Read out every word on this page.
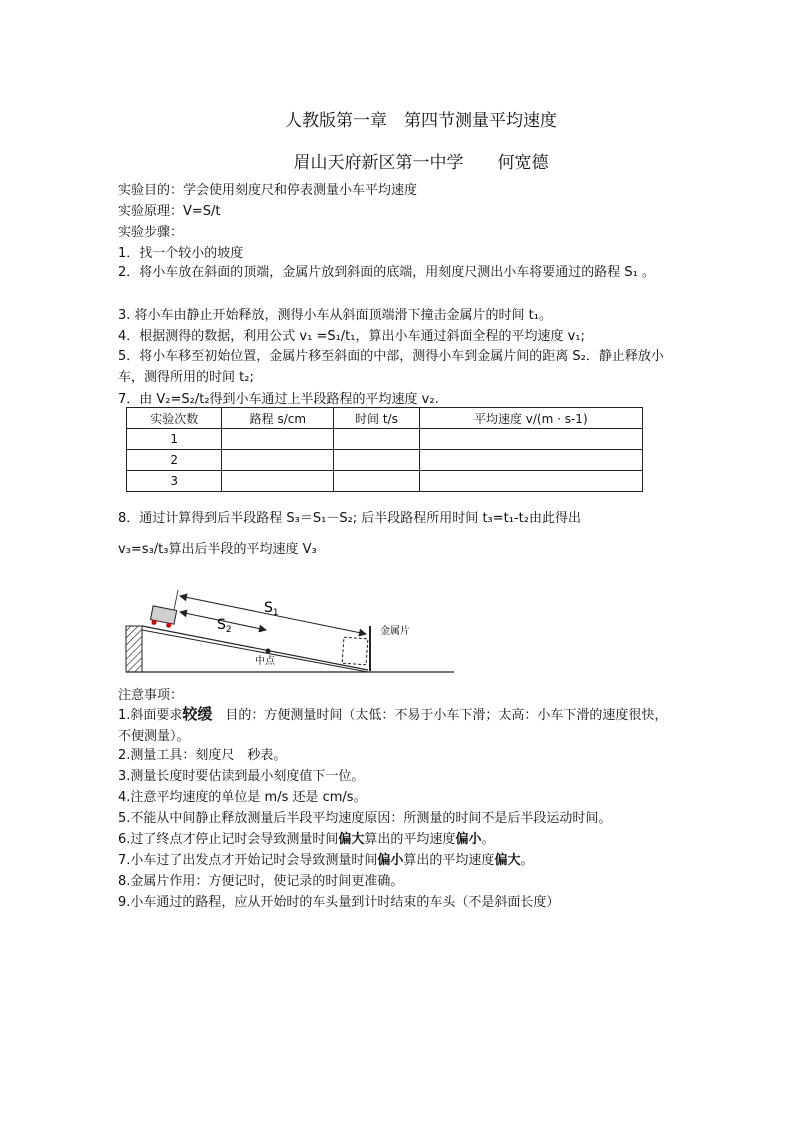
人教版第一章　第四节测量平均速度
眉山天府新区第一中学　　何宽德
实验目的：学会使用刻度尺和停表测量小车平均速度
实验原理：V=S/t
实验步骤：
1．找一个较小的坡度
2．将小车放在斜面的顶端，金属片放到斜面的底端，用刻度尺测出小车将要通过的路程 S₁ 。
3. 将小车由静止开始释放，测得小车从斜面顶端滑下撞击金属片的时间 t₁。
4．根据测得的数据，利用公式 v₁ =S₁/t₁，算出小车通过斜面全程的平均速度 v₁;
5．将小车移至初始位置，金属片移至斜面的中部，测得小车到金属片间的距离 S₂．静止释放小车，测得所用的时间 t₂;
7．由 V₂=S₂/t₂得到小车通过上半段路程的平均速度 v₂.
实验次数	路程 s/cm	时间 t/s	平均速度 v/(m · s-1)
1			
2			
3			
8．通过计算得到后半段路程 S₃＝S₁－S₂; 后半段路程所用时间 t₃=t₁-t₂由此得出
v₃=s₃/t₃算出后半段的平均速度 V₃
金属片
$S_1$
$S_2$
中点
注意事项：
1.斜面要求较缓　目的：方便测量时间（太低：不易于小车下滑；太高：小车下滑的速度很快，不便测量）。
2.测量工具：刻度尺　秒表。
3.测量长度时要估读到最小刻度值下一位。
4.注意平均速度的单位是 m/s 还是 cm/s。
5.不能从中间静止释放测量后半段平均速度原因：所测量的时间不是后半段运动时间。
6.过了终点才停止记时会导致测量时间偏大算出的平均速度偏小。
7.小车过了出发点才开始记时会导致测量时间偏小算出的平均速度偏大。
8.金属片作用：方便记时，使记录的时间更准确。
9.小车通过的路程，应从开始时的车头量到计时结束的车头（不是斜面长度）
